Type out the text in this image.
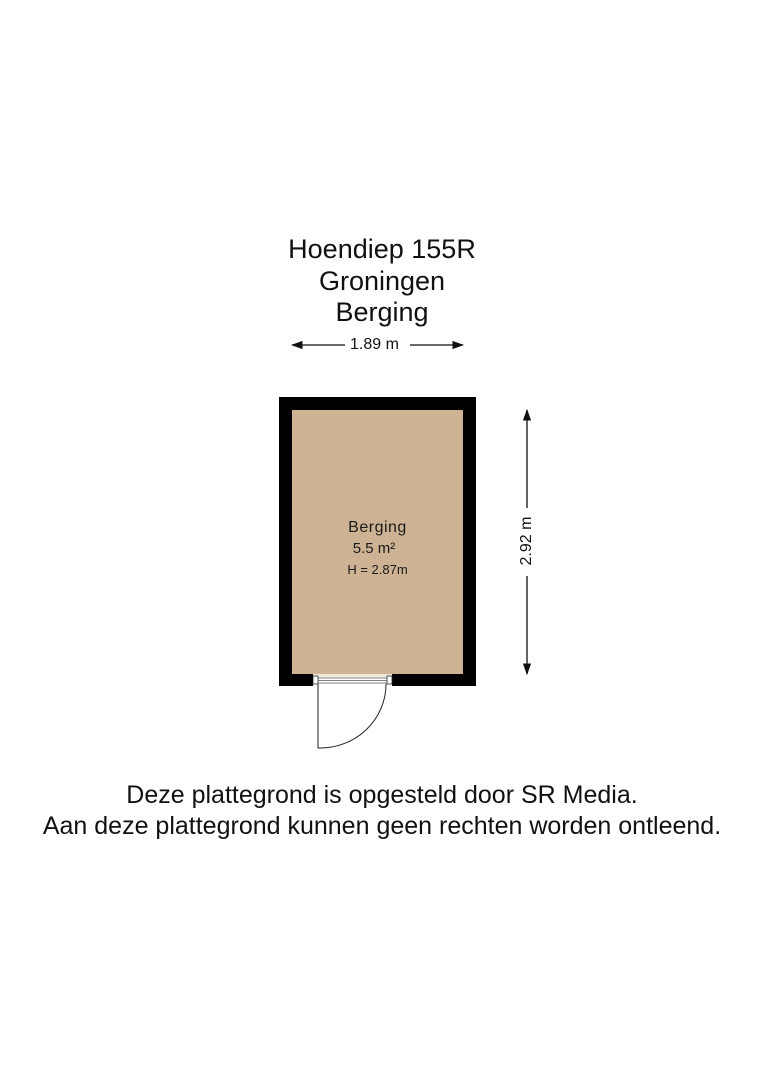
Hoendiep 155R
Groningen
Berging
1.89 m
2.92 m
Berging
5.5 m²
H = 2.87m
Deze plattegrond is opgesteld door SR Media.
Aan deze plattegrond kunnen geen rechten worden ontleend.
